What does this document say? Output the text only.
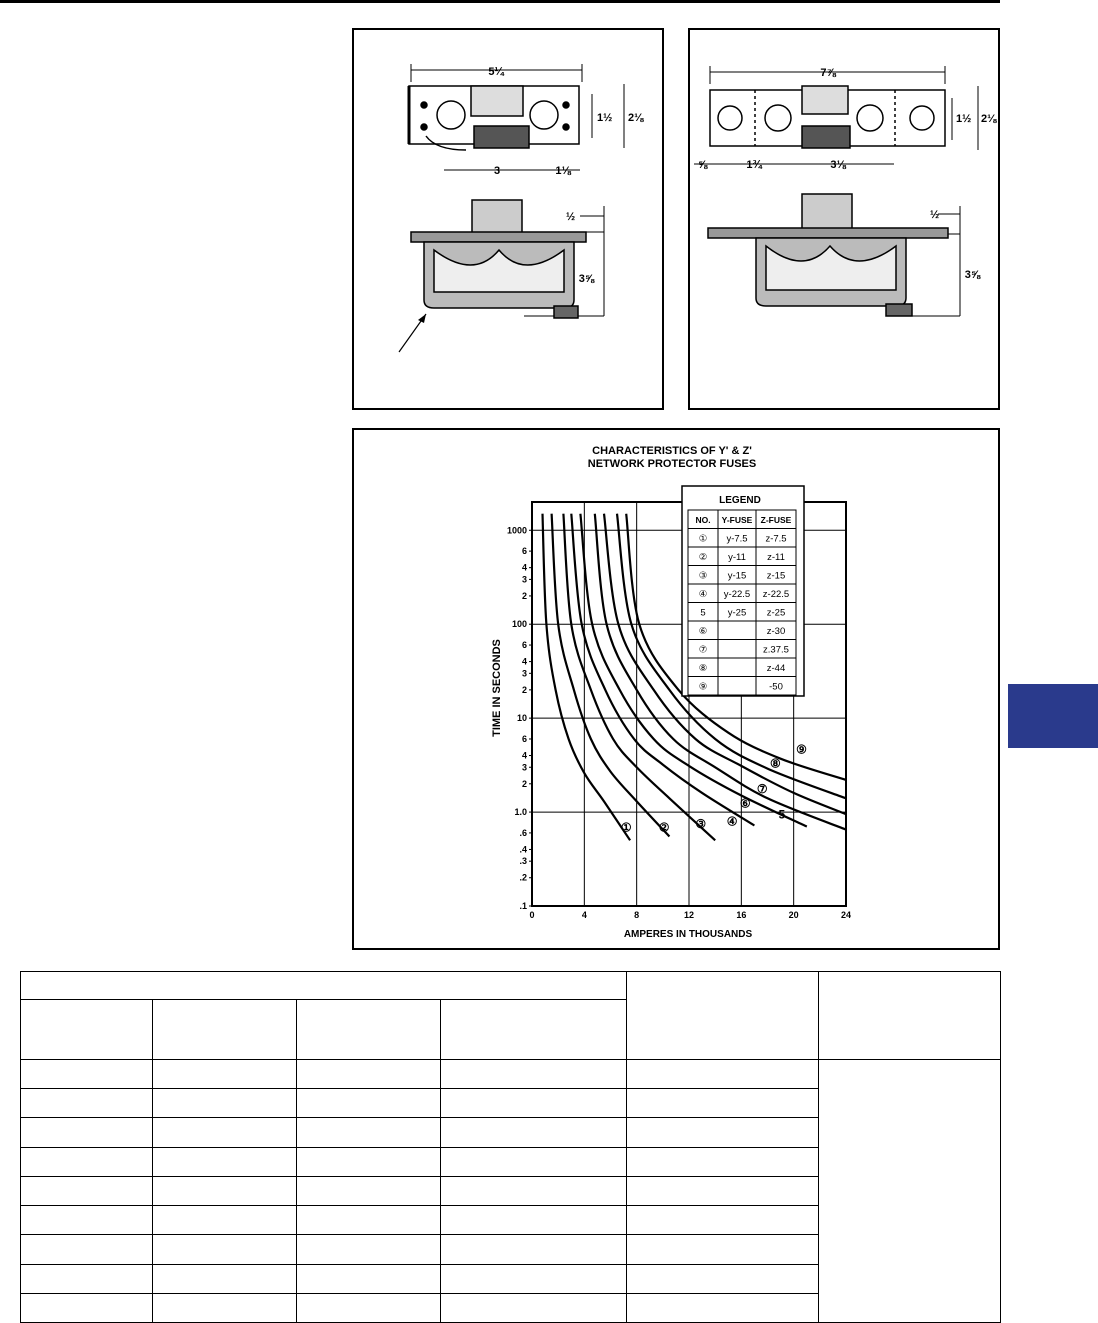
5¼
1½ 2⅛
3	1⅛
½
3⅝
7⅞
1½ 2⅛
⅝	1¾	3⅛
½
3⅝
CHARACTERISTICS OF Y' & Z'
NETWORK PROTECTOR FUSES
AMPERES IN THOUSANDS
TIME IN SECONDS
0	4	8	12	16	20	24
1000
6
4
3
2
100
6
4
3
2
10
6
4
3
2
1.0
.6
.4
.3
.2
.1
① ② ③ ④	5
⑥
⑦
⑧
⑨
LEGEND
NO. Y-FUSE Z-FUSE
① y-7.5 z-7.5
② y-11 z-11
③ y-15 z-15
④ y-22.5 z-22.5
5 y-25 z-25
⑥	z-30
⑦	z.37.5
⑧	z-44
⑨	-50
